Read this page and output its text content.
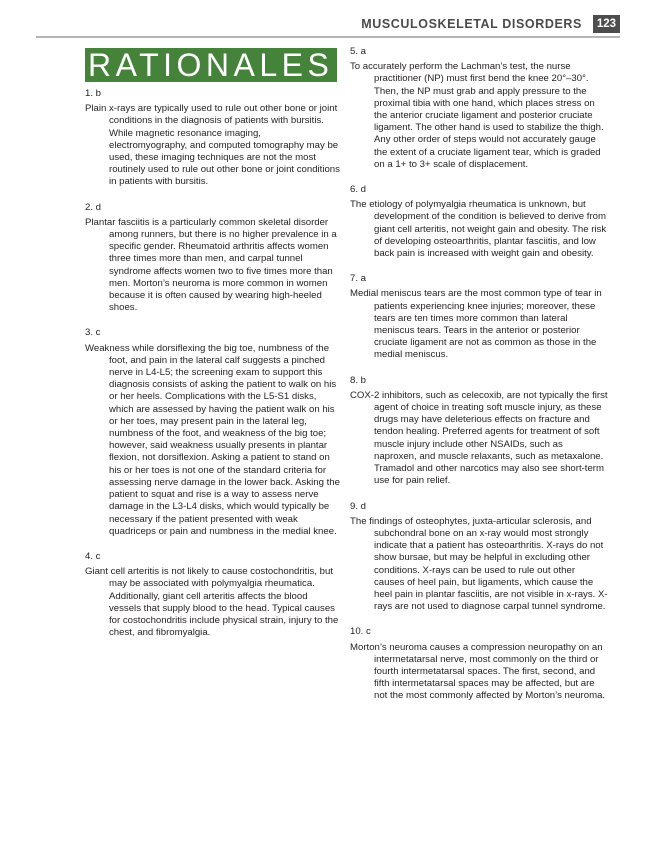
MUSCULOSKELETAL DISORDERS	123
RATIONALES
1. b
Plain x-rays are typically used to rule out other bone or joint conditions in the diagnosis of patients with bursitis. While magnetic resonance imaging, electromyography, and computed tomography may be used, these imaging techniques are not the most routinely used to rule out other bone or joint conditions in patients with bursitis.
2. d
Plantar fasciitis is a particularly common skeletal disorder among runners, but there is no higher prevalence in a specific gender. Rheumatoid arthritis affects women three times more than men, and carpal tunnel syndrome affects women two to five times more than men. Morton’s neuroma is more common in women because it is often caused by wearing high-heeled shoes.
3. c
Weakness while dorsiflexing the big toe, numbness of the foot, and pain in the lateral calf suggests a pinched nerve in L4-L5; the screening exam to support this diagnosis consists of asking the patient to walk on his or her heels. Complications with the L5-S1 disks, which are assessed by having the patient walk on his or her toes, may present pain in the lateral leg, numbness of the foot, and weakness of the big toe; however, said weakness usually presents in plantar flexion, not dorsiflexion. Asking a patient to stand on his or her toes is not one of the standard criteria for assessing nerve damage in the lower back. Asking the patient to squat and rise is a way to assess nerve damage in the L3-L4 disks, which would typically be necessary if the patient presented with weak quadriceps or pain and numbness in the medial knee.
4. c
Giant cell arteritis is not likely to cause costochondritis, but may be associated with polymyalgia rheumatica. Additionally, giant cell arteritis affects the blood vessels that supply blood to the head. Typical causes for costochondritis include physical strain, injury to the chest, and fibromyalgia.
5. a
To accurately perform the Lachman’s test, the nurse practitioner (NP) must first bend the knee 20°–30°. Then, the NP must grab and apply pressure to the proximal tibia with one hand, which places stress on the anterior cruciate ligament and posterior cruciate ligament. The other hand is used to stabilize the thigh. Any other order of steps would not accurately gauge the extent of a cruciate ligament tear, which is graded on a 1+ to 3+ scale of displacement.
6. d
The etiology of polymyalgia rheumatica is unknown, but development of the condition is believed to derive from giant cell arteritis, not weight gain and obesity. The risk of developing osteoarthritis, plantar fasciitis, and low back pain is increased with weight gain and obesity.
7. a
Medial meniscus tears are the most common type of tear in patients experiencing knee injuries; moreover, these tears are ten times more common than lateral meniscus tears. Tears in the anterior or posterior cruciate ligament are not as common as those in the medial meniscus.
8. b
COX-2 inhibitors, such as celecoxib, are not typically the first agent of choice in treating soft muscle injury, as these drugs may have deleterious effects on fracture and tendon healing. Preferred agents for treatment of soft muscle injury include other NSAIDs, such as naproxen, and muscle relaxants, such as metaxalone. Tramadol and other narcotics may also see short-term use for pain relief.
9. d
The findings of osteophytes, juxta-articular sclerosis, and subchondral bone on an x-ray would most strongly indicate that a patient has osteoarthritis. X-rays do not show bursae, but may be helpful in excluding other conditions. X-rays can be used to rule out other causes of heel pain, but ligaments, which cause the heel pain in plantar fasciitis, are not visible in x-rays. X-rays are not used to diagnose carpal tunnel syndrome.
10. c
Morton’s neuroma causes a compression neuropathy on an intermetatarsal nerve, most commonly on the third or fourth intermetatarsal spaces. The first, second, and fifth intermetatarsal spaces may be affected, but are not the most commonly affected by Morton’s neuroma.
